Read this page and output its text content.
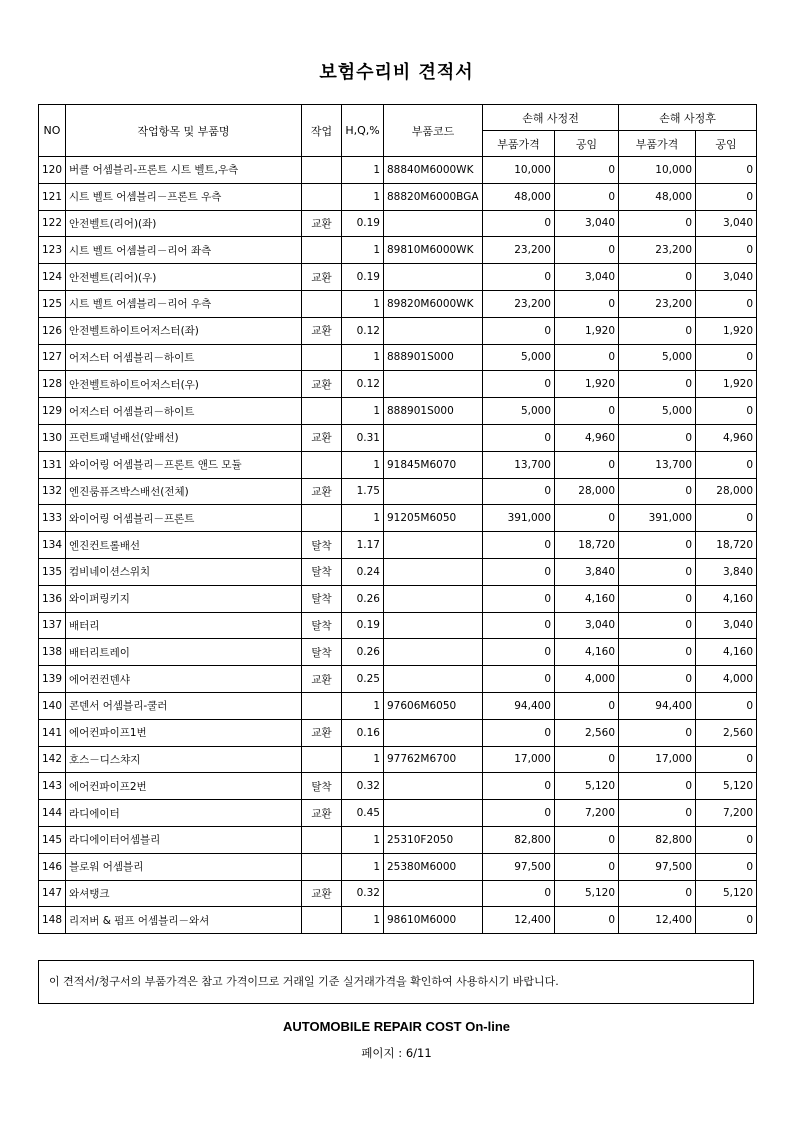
보험수리비 견적서
NO	작업항목 및 부품명	작업	H,Q,%	부품코드	손해 사정전		손해 사정후	
					부품가격	공임	부품가격	공임
120	버클 어셈블리-프론트 시트 벨트,우측		1	88840M6000WK	10,000	0	10,000	0
121	시트 벨트 어셈블리－프론트 우측		1	88820M6000BGA	48,000	0	48,000	0
122	안전벨트(리어)(좌)	교환	0.19		0	3,040	0	3,040
123	시트 벨트 어셈블리－리어 좌측		1	89810M6000WK	23,200	0	23,200	0
124	안전벨트(리어)(우)	교환	0.19		0	3,040	0	3,040
125	시트 벨트 어셈블리－리어 우측		1	89820M6000WK	23,200	0	23,200	0
126	안전벨트하이트어저스터(좌)	교환	0.12		0	1,920	0	1,920
127	어저스터 어셈블리－하이트		1	888901S000	5,000	0	5,000	0
128	안전벨트하이트어저스터(우)	교환	0.12		0	1,920	0	1,920
129	어저스터 어셈블리－하이트		1	888901S000	5,000	0	5,000	0
130	프런트패널배선(앞배선)	교환	0.31		0	4,960	0	4,960
131	와이어링 어셈블리－프론트 앤드 모듈		1	91845M6070	13,700	0	13,700	0
132	엔진룸퓨즈박스배선(전체)	교환	1.75		0	28,000	0	28,000
133	와이어링 어셈블리－프론트		1	91205M6050	391,000	0	391,000	0
134	엔진컨트롤배선	탈착	1.17		0	18,720	0	18,720
135	컴비네이션스위치	탈착	0.24		0	3,840	0	3,840
136	와이퍼링키지	탈착	0.26		0	4,160	0	4,160
137	배터리	탈착	0.19		0	3,040	0	3,040
138	배터리트레이	탈착	0.26		0	4,160	0	4,160
139	에어컨컨덴샤	교환	0.25		0	4,000	0	4,000
140	콘덴서 어셈블리-쿨러		1	97606M6050	94,400	0	94,400	0
141	에어컨파이프1번	교환	0.16		0	2,560	0	2,560
142	호스－디스챠지		1	97762M6700	17,000	0	17,000	0
143	에어컨파이프2번	탈착	0.32		0	5,120	0	5,120
144	라디에이터	교환	0.45		0	7,200	0	7,200
145	라디에이터어셈블리		1	25310F2050	82,800	0	82,800	0
146	블로워 어셈블리		1	25380M6000	97,500	0	97,500	0
147	와셔탱크	교환	0.32		0	5,120	0	5,120
148	리저버 & 펌프 어셈블리－와셔		1	98610M6000	12,400	0	12,400	0
이 견적서/청구서의 부품가격은 참고 가격이므로 거래일 기준 실거래가격을 확인하여 사용하시기 바랍니다.
AUTOMOBILE REPAIR COST On-line
페이지 : 6/11
